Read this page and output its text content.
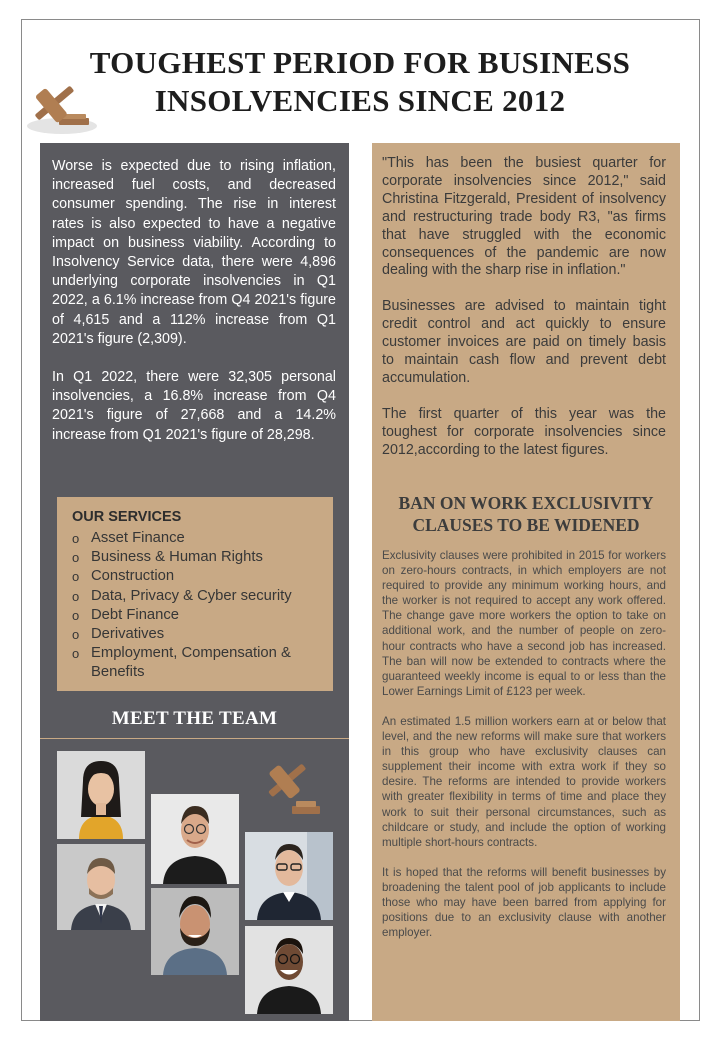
TOUGHEST PERIOD FOR BUSINESS
INSOLVENCIES SINCE 2012

Worse is expected due to rising inflation, increased fuel costs, and decreased consumer spending. The rise in interest rates is also expected to have a negative impact on business viability. According to Insolvency Service data, there were 4,896 underlying corporate insolvencies in Q1 2022, a 6.1% increase from Q4 2021's figure of 4,615 and a 112% increase from Q1 2021's figure (2,309).

In Q1 2022, there were 32,305 personal insolvencies, a 16.8% increase from Q4 2021's figure of 27,668 and a 14.2% increase from Q1 2021's figure of 28,298.

OUR SERVICES
o Asset Finance
o Business & Human Rights
o Construction
o Data, Privacy & Cyber security
o Debt Finance
o Derivatives
o Employment, Compensation & Benefits
MEET THE TEAM

"This has been the busiest quarter for corporate insolvencies since 2012," said Christina Fitzgerald, President of insolvency and restructuring trade body R3, "as firms that have struggled with the economic consequences of the pandemic are now dealing with the sharp rise in inflation."

Businesses are advised to maintain tight credit control and act quickly to ensure customer invoices are paid on timely basis to maintain cash flow and prevent debt accumulation.

The first quarter of this year was the toughest for corporate insolvencies since 2012,according to the latest figures.

BAN ON WORK EXCLUSIVITY
CLAUSES TO BE WIDENED

Exclusivity clauses were prohibited in 2015 for workers on zero-hours contracts, in which employers are not required to provide any minimum working hours, and the worker is not required to accept any work offered. The change gave more workers the option to take on additional work, and the number of people on zero-hour contracts who have a second job has increased. The ban will now be extended to contracts where the guaranteed weekly income is equal to or less than the Lower Earnings Limit of £123 per week.

An estimated 1.5 million workers earn at or below that level, and the new reforms will make sure that workers in this group who have exclusivity clauses can supplement their income with extra work if they so desire. The reforms are intended to provide workers with greater flexibility in terms of time and place they work to suit their personal circumstances, such as childcare or study, and include the option of working multiple short-hours contracts.

It is hoped that the reforms will benefit businesses by broadening the talent pool of job applicants to include those who may have been barred from applying for positions due to an exclusivity clause with another employer.
